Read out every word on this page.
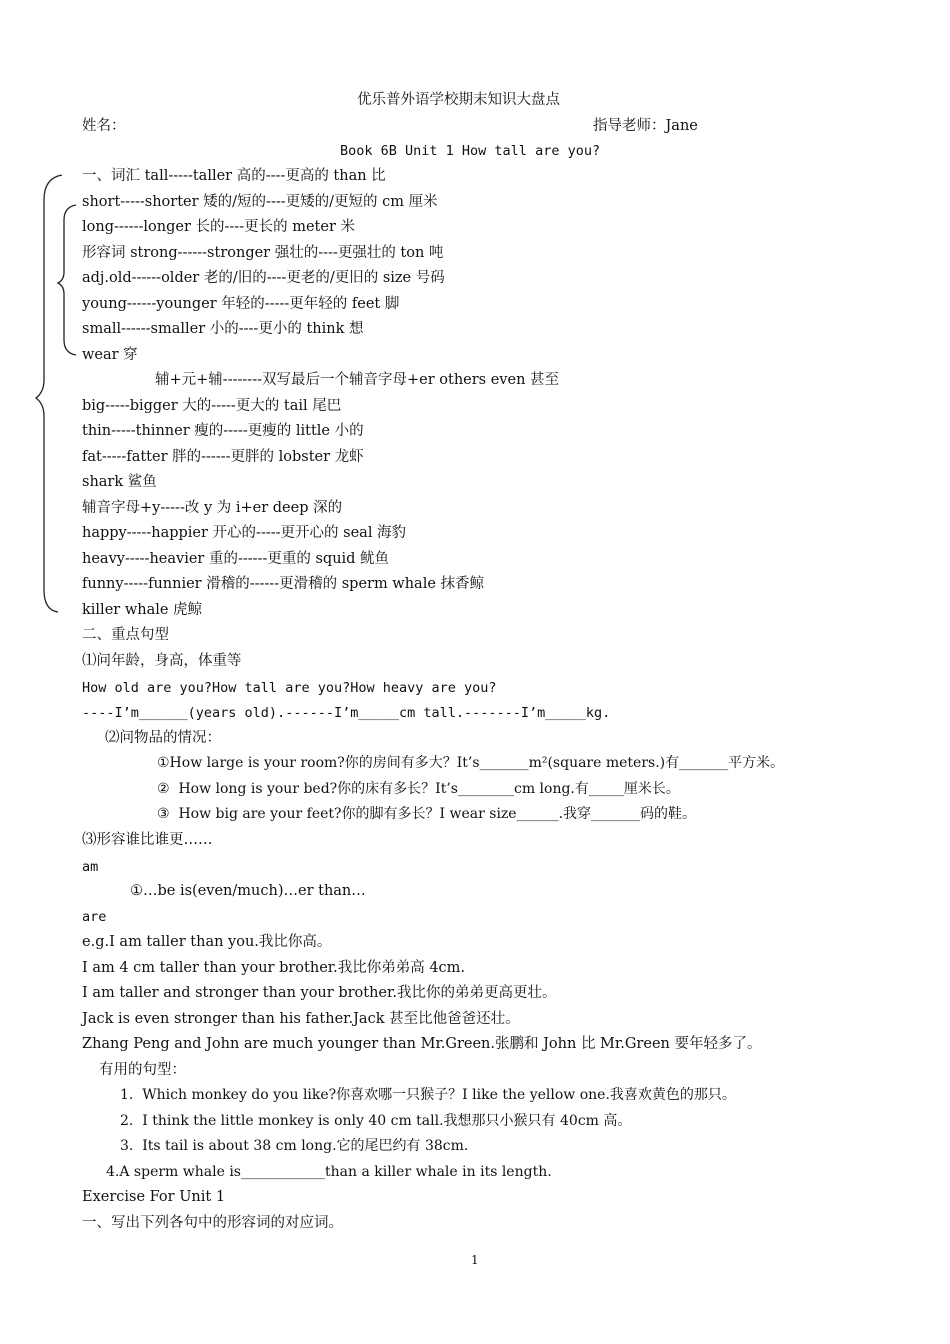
优乐普外语学校期末知识大盘点
姓名：	指导老师：Jane
Book 6B Unit 1 How tall are you?
一、词汇 tall-----taller 高的----更高的 than 比
short-----shorter 矮的/短的----更矮的/更短的 cm 厘米
long------longer 长的----更长的 meter 米
形容词 strong------stronger 强壮的----更强壮的 ton 吨
adj.old------older 老的/旧的----更老的/更旧的 size 号码
young------younger 年轻的-----更年轻的 feet 脚
small------smaller 小的----更小的 think 想
wear 穿
辅+元+辅--------双写最后一个辅音字母+er others even 甚至
big-----bigger 大的-----更大的 tail 尾巴
thin-----thinner 瘦的-----更瘦的 little 小的
fat-----fatter 胖的------更胖的 lobster 龙虾
shark 鲨鱼
辅音字母+y-----改 y 为 i+er deep 深的
happy-----happier 开心的-----更开心的 seal 海豹
heavy-----heavier 重的------更重的 squid 鱿鱼
funny-----funnier 滑稽的------更滑稽的 sperm whale 抹香鲸
killer whale 虎鲸
二、重点句型
⑴问年龄，身高，体重等
How old are you?How tall are you?How heavy are you?
----I’m______(years old).------I’m_____cm tall.-------I’m_____kg.
⑵问物品的情况：
①How large is your room?你的房间有多大？It’s_______m²(square meters.)有_______平方米。
②  How long is your bed?你的床有多长？It’s________cm long.有_____厘米长。
③  How big are your feet?你的脚有多长？I wear size______.我穿_______码的鞋。
⑶形容谁比谁更……
am
①…be is(even/much)…er than…
are
e.g.I am taller than you.我比你高。
I am 4 cm taller than your brother.我比你弟弟高 4cm.
I am taller and stronger than your brother.我比你的弟弟更高更壮。
Jack is even stronger than his father.Jack 甚至比他爸爸还壮。
Zhang Peng and John are much younger than Mr.Green.张鹏和 John 比 Mr.Green 要年轻多了。
有用的句型：
1.  Which monkey do you like?你喜欢哪一只猴子？I like the yellow one.我喜欢黄色的那只。
2.  I think the little monkey is only 40 cm tall.我想那只小猴只有 40cm 高。
3.  Its tail is about 38 cm long.它的尾巴约有 38cm.
4.A sperm whale is____________than a killer whale in its length.
Exercise For Unit 1
一、写出下列各句中的形容词的对应词。
1
